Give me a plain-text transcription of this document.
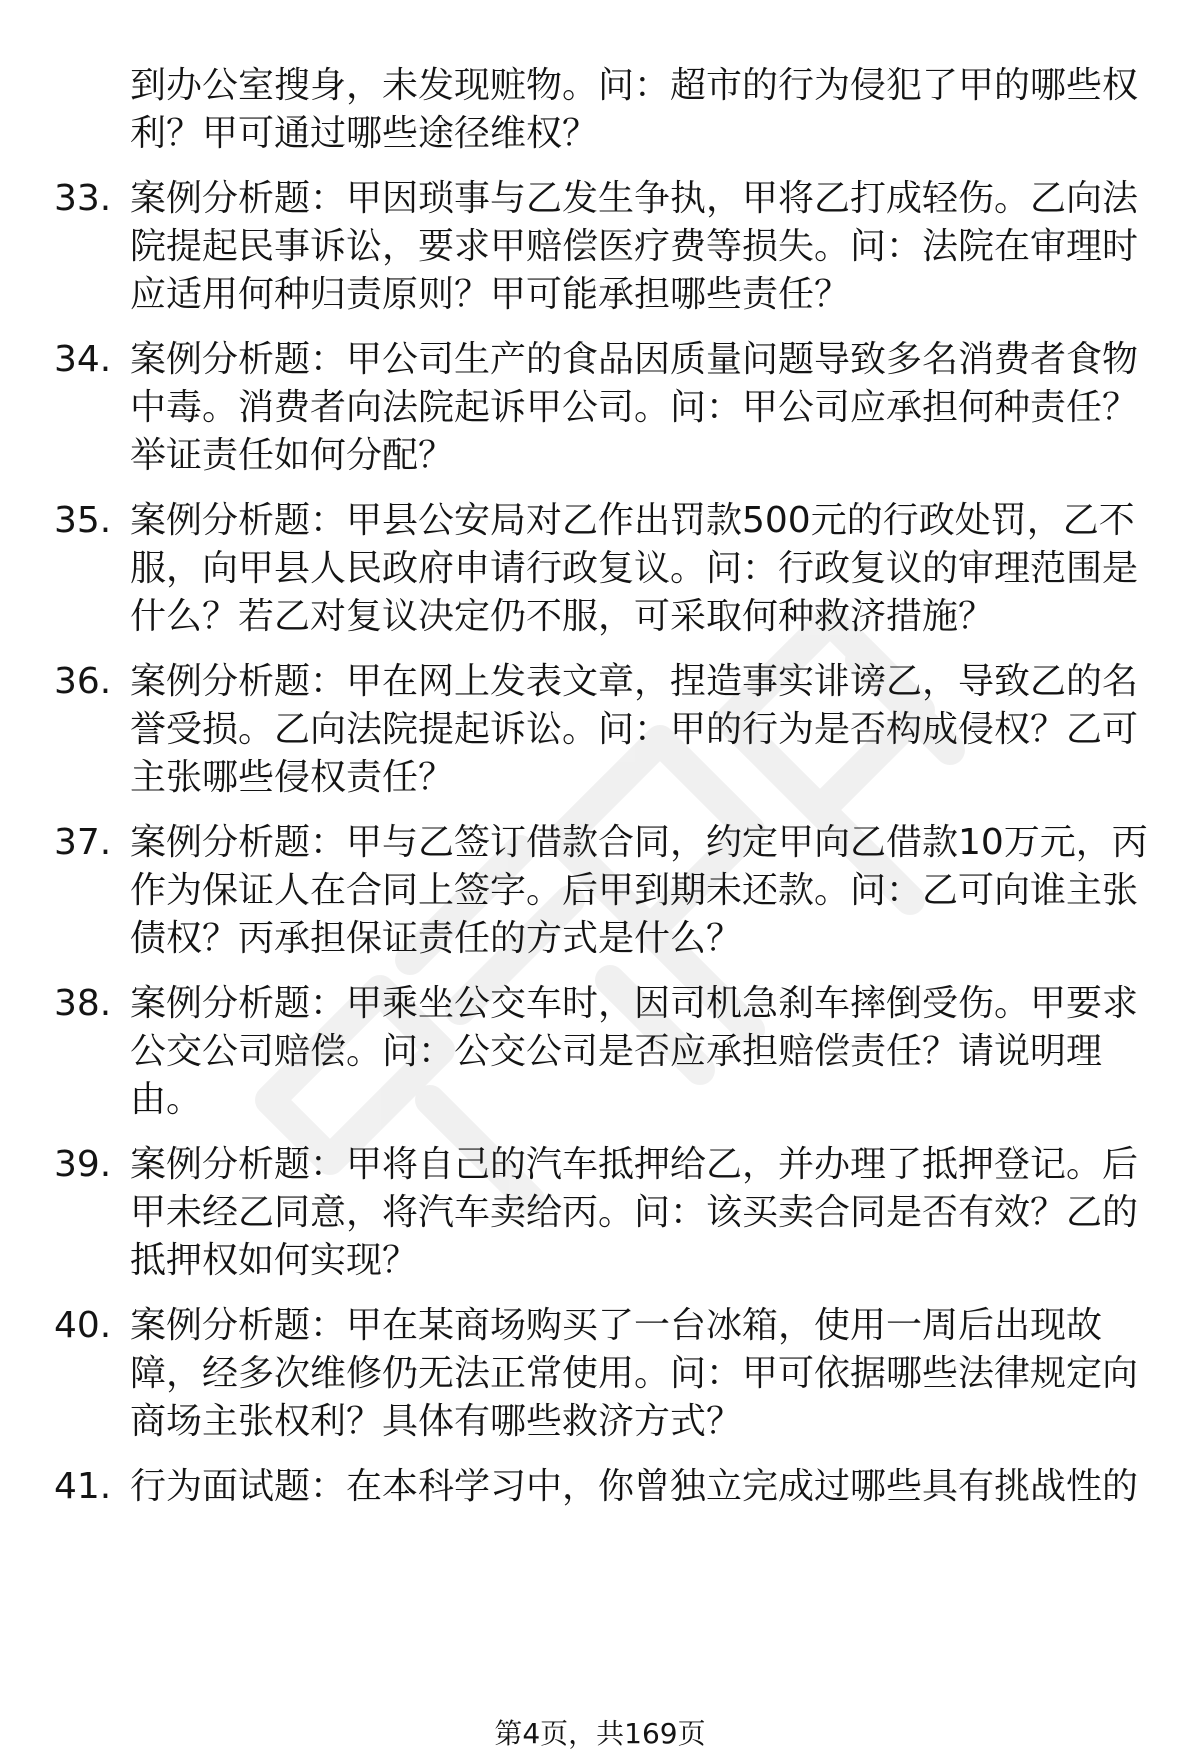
到办公室搜身，未发现赃物。问：超市的行为侵犯了甲的哪些权
利？甲可通过哪些途径维权？
33. 案例分析题：甲因琐事与乙发生争执，甲将乙打成轻伤。乙向法
院提起民事诉讼，要求甲赔偿医疗费等损失。问：法院在审理时
应适用何种归责原则？甲可能承担哪些责任？
34. 案例分析题：甲公司生产的食品因质量问题导致多名消费者食物
中毒。消费者向法院起诉甲公司。问：甲公司应承担何种责任？
举证责任如何分配？
35. 案例分析题：甲县公安局对乙作出罚款500元的行政处罚，乙不
服，向甲县人民政府申请行政复议。问：行政复议的审理范围是
什么？若乙对复议决定仍不服，可采取何种救济措施？
36. 案例分析题：甲在网上发表文章，捏造事实诽谤乙，导致乙的名
誉受损。乙向法院提起诉讼。问：甲的行为是否构成侵权？乙可
主张哪些侵权责任？
37. 案例分析题：甲与乙签订借款合同，约定甲向乙借款10万元，丙
作为保证人在合同上签字。后甲到期未还款。问：乙可向谁主张
债权？丙承担保证责任的方式是什么？
38. 案例分析题：甲乘坐公交车时，因司机急刹车摔倒受伤。甲要求
公交公司赔偿。问：公交公司是否应承担赔偿责任？请说明理
由。
39. 案例分析题：甲将自己的汽车抵押给乙，并办理了抵押登记。后
甲未经乙同意，将汽车卖给丙。问：该买卖合同是否有效？乙的
抵押权如何实现？
40. 案例分析题：甲在某商场购买了一台冰箱，使用一周后出现故
障，经多次维修仍无法正常使用。问：甲可依据哪些法律规定向
商场主张权利？具体有哪些救济方式？
41. 行为面试题：在本科学习中，你曾独立完成过哪些具有挑战性的
第4页，共169页
